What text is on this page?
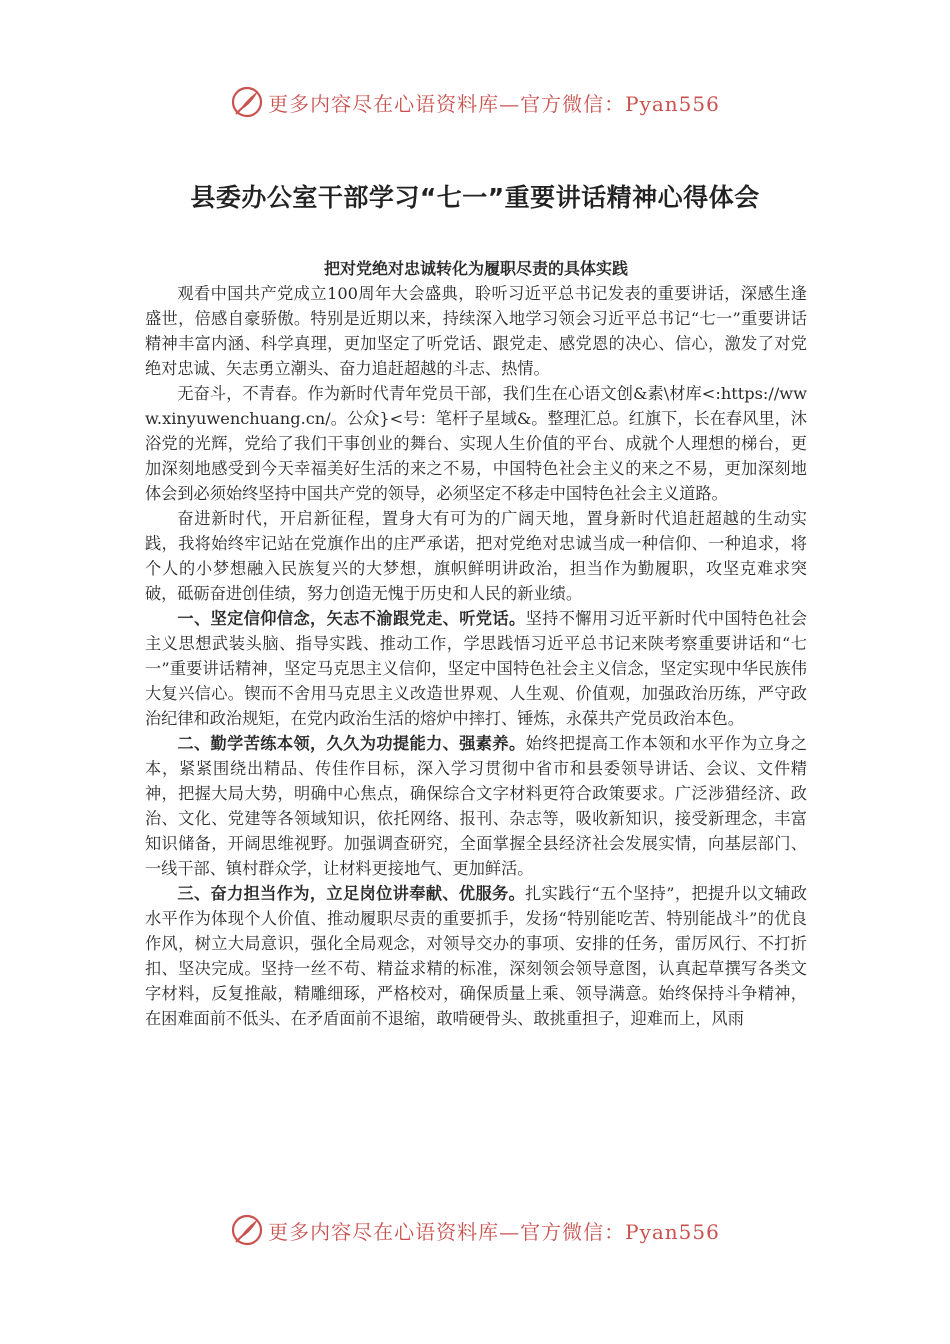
更多内容尽在心语资料库—官方微信：Pyan556
县委办公室干部学习“七一”重要讲话精神心得体会

把对党绝对忠诚转化为履职尽责的具体实践

观看中国共产党成立100周年大会盛典，聆听习近平总书记发表的重要讲话，深感生逢盛世，倍感自豪骄傲。特别是近期以来，持续深入地学习领会习近平总书记“七一”重要讲话精神丰富内涵、科学真理，更加坚定了听党话、跟党走、感党恩的决心、信心，激发了对党绝对忠诚、矢志勇立潮头、奋力追赶超越的斗志、热情。

无奋斗，不青春。作为新时代青年党员干部，我们生在心语文创&素\材库<:https://www.xinyuwenchuang.cn/。公众}<号：笔杆子星域&。整理汇总。红旗下，长在春风里，沐浴党的光辉，党给了我们干事创业的舞台、实现人生价值的平台、成就个人理想的梯台，更加深刻地感受到今天幸福美好生活的来之不易，中国特色社会主义的来之不易，更加深刻地体会到必须始终坚持中国共产党的领导，必须坚定不移走中国特色社会主义道路。

奋进新时代，开启新征程，置身大有可为的广阔天地，置身新时代追赶超越的生动实践，我将始终牢记站在党旗作出的庄严承诺，把对党绝对忠诚当成一种信仰、一种追求，将个人的小梦想融入民族复兴的大梦想，旗帜鲜明讲政治，担当作为勤履职，攻坚克难求突破，砥砺奋进创佳绩，努力创造无愧于历史和人民的新业绩。

一、坚定信仰信念，矢志不渝跟党走、听党话。坚持不懈用习近平新时代中国特色社会主义思想武装头脑、指导实践、推动工作，学思践悟习近平总书记来陕考察重要讲话和“七一”重要讲话精神，坚定马克思主义信仰，坚定中国特色社会主义信念，坚定实现中华民族伟大复兴信心。锲而不舍用马克思主义改造世界观、人生观、价值观，加强政治历练，严守政治纪律和政治规矩，在党内政治生活的熔炉中摔打、锤炼，永葆共产党员政治本色。

二、勤学苦练本领，久久为功提能力、强素养。始终把提高工作本领和水平作为立身之本，紧紧围绕出精品、传佳作目标，深入学习贯彻中省市和县委领导讲话、会议、文件精神，把握大局大势，明确中心焦点，确保综合文字材料更符合政策要求。广泛涉猎经济、政治、文化、党建等各领域知识，依托网络、报刊、杂志等，吸收新知识，接受新理念，丰富知识储备，开阔思维视野。加强调查研究，全面掌握全县经济社会发展实情，向基层部门、一线干部、镇村群众学，让材料更接地气、更加鲜活。

三、奋力担当作为，立足岗位讲奉献、优服务。扎实践行“五个坚持”，把提升以文辅政水平作为体现个人价值、推动履职尽责的重要抓手，发扬“特别能吃苦、特别能战斗”的优良作风，树立大局意识，强化全局观念，对领导交办的事项、安排的任务，雷厉风行、不打折扣、坚决完成。坚持一丝不苟、精益求精的标准，深刻领会领导意图，认真起草撰写各类文字材料，反复推敲，精雕细琢，严格校对，确保质量上乘、领导满意。始终保持斗争精神，在困难面前不低头、在矛盾面前不退缩，敢啃硬骨头、敢挑重担子，迎难而上，风雨

更多内容尽在心语资料库—官方微信：Pyan556
